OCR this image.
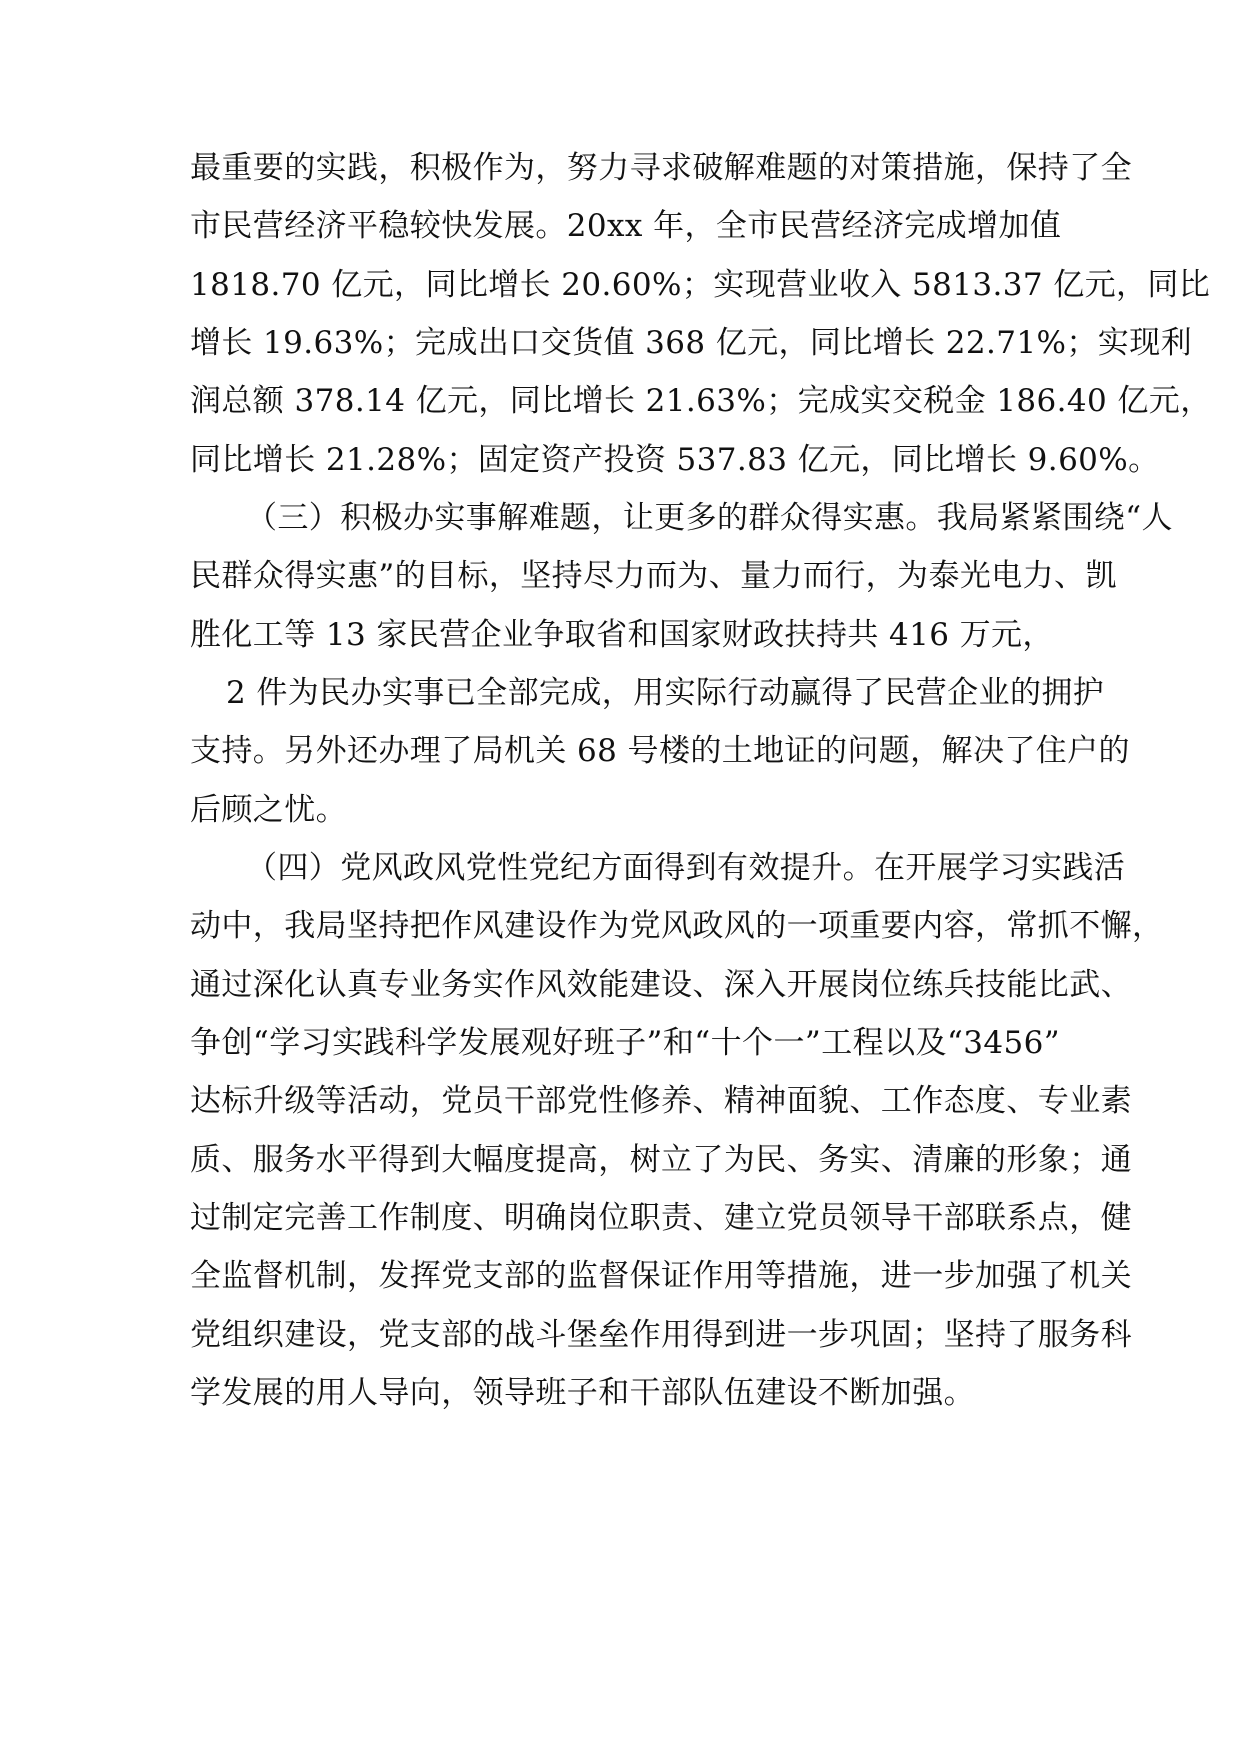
最重要的实践，积极作为，努力寻求破解难题的对策措施，保持了全
市民营经济平稳较快发展。20xx 年，全市民营经济完成增加值
1818.70 亿元，同比增长 20.60%；实现营业收入 5813.37 亿元，同比
增长 19.63%；完成出口交货值 368 亿元，同比增长 22.71%；实现利
润总额 378.14 亿元，同比增长 21.63%；完成实交税金 186.40 亿元，
同比增长 21.28%；固定资产投资 537.83 亿元，同比增长 9.60%。
（三）积极办实事解难题，让更多的群众得实惠。我局紧紧围绕“人
民群众得实惠”的目标，坚持尽力而为、量力而行，为泰光电力、凯
胜化工等 13 家民营企业争取省和国家财政扶持共 416 万元，
2 件为民办实事已全部完成，用实际行动赢得了民营企业的拥护
支持。另外还办理了局机关 68 号楼的土地证的问题，解决了住户的
后顾之忧。
（四）党风政风党性党纪方面得到有效提升。在开展学习实践活
动中，我局坚持把作风建设作为党风政风的一项重要内容，常抓不懈，
通过深化认真专业务实作风效能建设、深入开展岗位练兵技能比武、
争创“学习实践科学发展观好班子”和“十个一”工程以及“3456”
达标升级等活动，党员干部党性修养、精神面貌、工作态度、专业素
质、服务水平得到大幅度提高，树立了为民、务实、清廉的形象；通
过制定完善工作制度、明确岗位职责、建立党员领导干部联系点，健
全监督机制，发挥党支部的监督保证作用等措施，进一步加强了机关
党组织建设，党支部的战斗堡垒作用得到进一步巩固；坚持了服务科
学发展的用人导向，领导班子和干部队伍建设不断加强。
